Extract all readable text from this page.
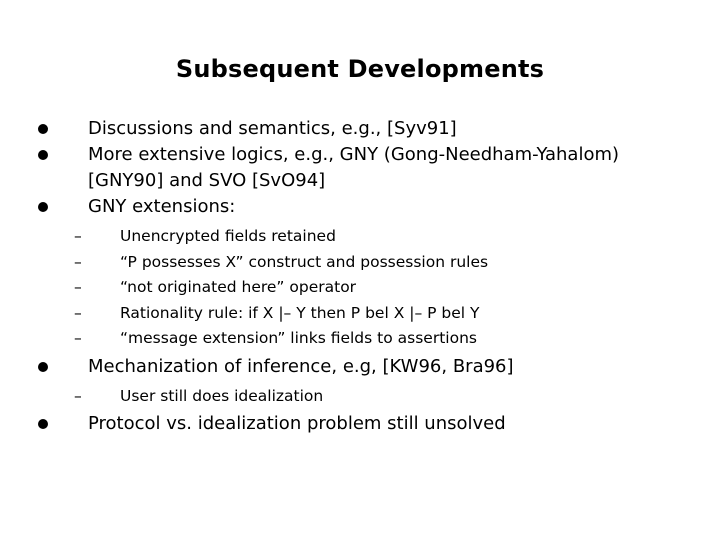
Subsequent Developments
Discussions and semantics, e.g., [Syv91]
More extensive logics, e.g., GNY (Gong-Needham-Yahalom)
[GNY90] and SVO [SvO94]
GNY extensions:
– Unencrypted fields retained
– “P possesses X” construct and possession rules
– “not originated here” operator
– Rationality rule: if X |– Y then P bel X |– P bel Y
– “message extension” links fields to assertions
Mechanization of inference, e.g, [KW96, Bra96]
– User still does idealization
Protocol vs. idealization problem still unsolved
